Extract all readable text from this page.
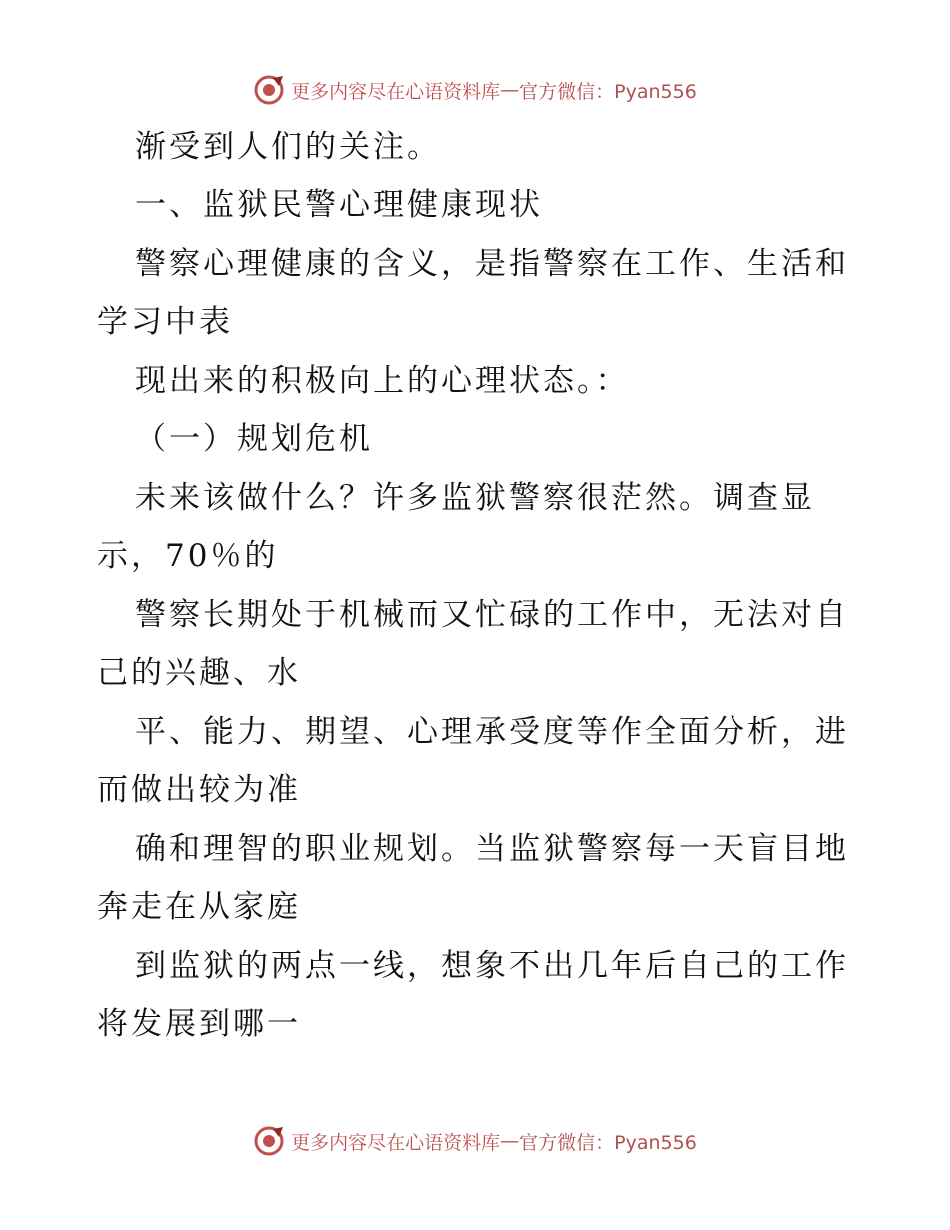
更多内容尽在心语资料库 — 官方微信：Pyan556
渐受到人们的关注。
一、监狱民警心理健康现状
警察心理健康的含义，是指警察在工作、生活和
学习中表
现出来的积极向上的心理状态。：
（一）规划危机
未来该做什么？许多监狱警察很茫然。调查显
示，70％的
警察长期处于机械而又忙碌的工作中，无法对自
己的兴趣、水
平、能力、期望、心理承受度等作全面分析，进
而做出较为准
确和理智的职业规划。当监狱警察每一天盲目地
奔走在从家庭
到监狱的两点一线，想象不出几年后自己的工作
将发展到哪一
更多内容尽在心语资料库 — 官方微信：Pyan556
